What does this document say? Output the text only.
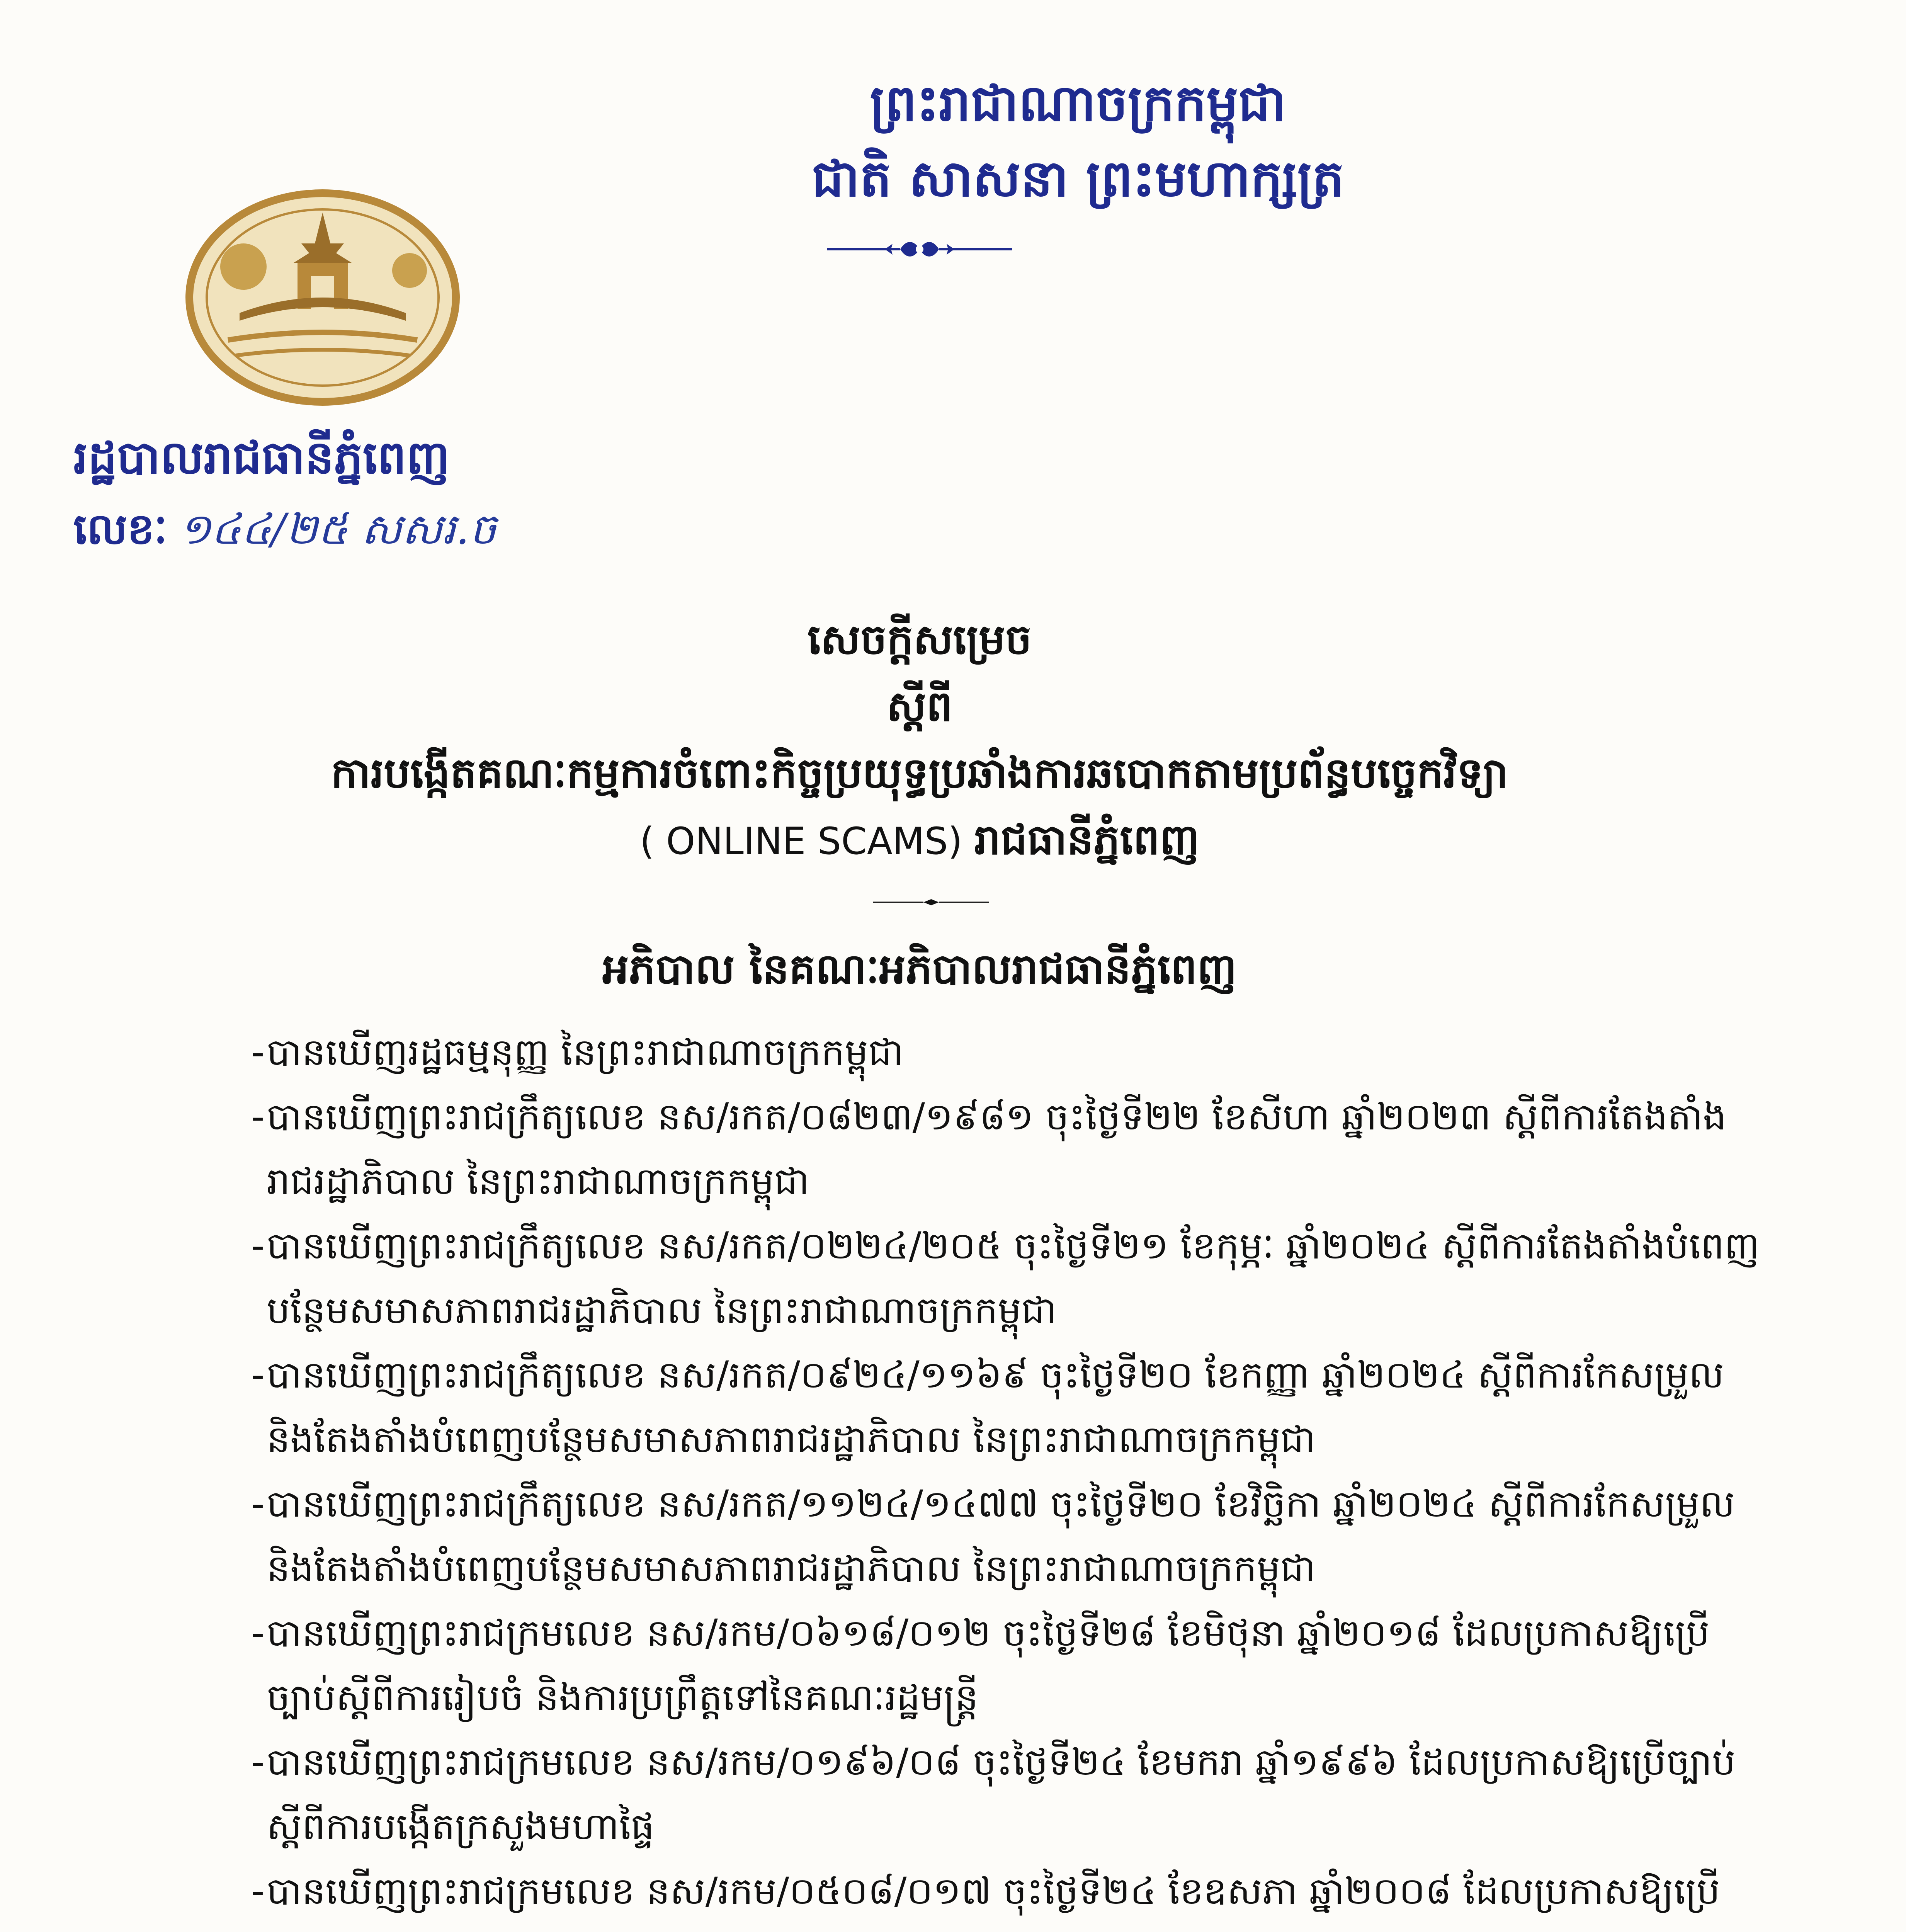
ព្រះរាជាណាចក្រកម្ពុជា
ជាតិ សាសនា ព្រះមហាក្សត្រ
រដ្ឋបាលរាជធានីភ្នំពេញ
លេខៈ ១៤៤/២៥ សសរ.ច
សេចក្តីសម្រេច
ស្តីពី
ការបង្កើតគណៈកម្មការចំពោះកិច្ចប្រយុទ្ធប្រឆាំងការឆបោកតាមប្រព័ន្ធបច្ចេកវិទ្យា
( ONLINE SCAMS) រាជធានីភ្នំពេញ
អភិបាល នៃគណៈអភិបាលរាជធានីភ្នំពេញ
- បានឃើញរដ្ឋធម្មនុញ្ញ នៃព្រះរាជាណាចក្រកម្ពុជា
- បានឃើញព្រះរាជក្រឹត្យលេខ នស/រកត/០៨២៣/១៩៨១ ចុះថ្ងៃទី២២ ខែសីហា ឆ្នាំ២០២៣ ស្តីពីការតែងតាំងរាជរដ្ឋាភិបាល នៃព្រះរាជាណាចក្រកម្ពុជា
- បានឃើញព្រះរាជក្រឹត្យលេខ នស/រកត/០២២៤/២០៥ ចុះថ្ងៃទី២១ ខែកុម្ភៈ ឆ្នាំ២០២៤ ស្តីពីការតែងតាំងបំពេញបន្ថែមសមាសភាពរាជរដ្ឋាភិបាល នៃព្រះរាជាណាចក្រកម្ពុជា
- បានឃើញព្រះរាជក្រឹត្យលេខ នស/រកត/០៩២៤/១១៦៩ ចុះថ្ងៃទី២០ ខែកញ្ញា ឆ្នាំ២០២៤ ស្តីពីការកែសម្រួល និងតែងតាំងបំពេញបន្ថែមសមាសភាពរាជរដ្ឋាភិបាល នៃព្រះរាជាណាចក្រកម្ពុជា
- បានឃើញព្រះរាជក្រឹត្យលេខ នស/រកត/១១២៤/១៤៧៧ ចុះថ្ងៃទី២០ ខែវិច្ឆិកា ឆ្នាំ២០២៤ ស្តីពីការកែសម្រួល និងតែងតាំងបំពេញបន្ថែមសមាសភាពរាជរដ្ឋាភិបាល នៃព្រះរាជាណាចក្រកម្ពុជា
- បានឃើញព្រះរាជក្រមលេខ នស/រកម/០៦១៨/០១២ ចុះថ្ងៃទី២៨ ខែមិថុនា ឆ្នាំ២០១៨ ដែលប្រកាសឱ្យប្រើច្បាប់ស្តីពីការរៀបចំ និងការប្រព្រឹត្តទៅនៃគណៈរដ្ឋមន្ត្រី
- បានឃើញព្រះរាជក្រមលេខ នស/រកម/០១៩៦/០៨ ចុះថ្ងៃទី២៤ ខែមករា ឆ្នាំ១៩៩៦ ដែលប្រកាសឱ្យប្រើច្បាប់ស្តីពីការបង្កើតក្រសួងមហាផ្ទៃ
- បានឃើញព្រះរាជក្រមលេខ នស/រកម/០៥០៨/០១៧ ចុះថ្ងៃទី២៤ ខែឧសភា ឆ្នាំ២០០៨ ដែលប្រកាសឱ្យប្រើ
